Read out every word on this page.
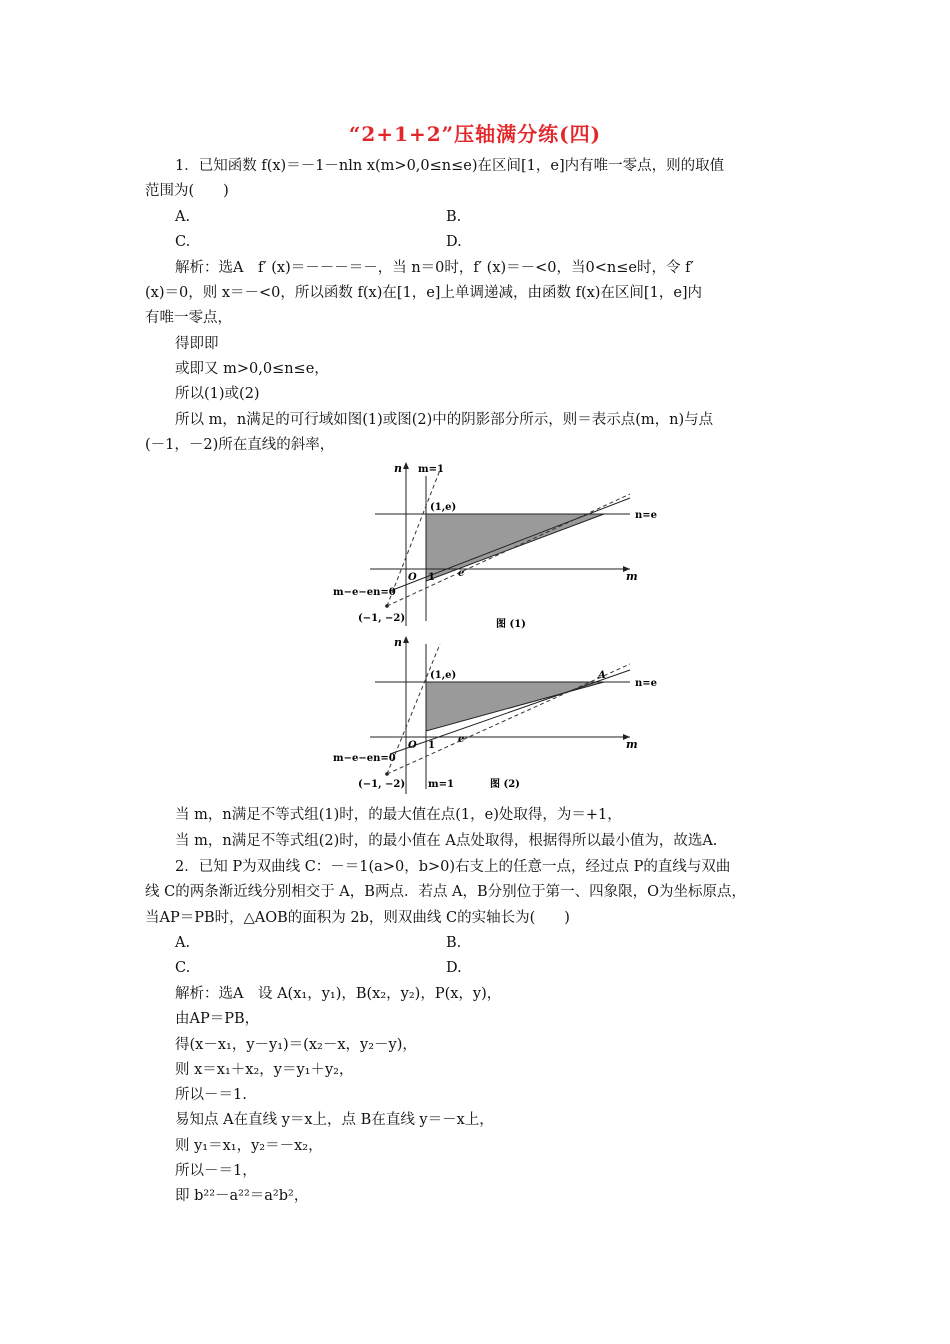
“2+1+2”压轴满分练(四)
1．已知函数 f(x)＝－1－nln x(m>0,0≤n≤e)在区间[1，e]内有唯一零点，则的取值
范围为(　　)
A.	B.
C.	D.
解析：选A　f′ (x)＝－－－＝－，当 n＝0时，f′ (x)＝－<0，当0<n≤e时，令 f′
(x)＝0，则 x＝－<0，所以函数 f(x)在[1，e]上单调递减，由函数 f(x)在区间[1，e]内
有唯一零点，
得即即
或即又 m>0,0≤n≤e，
所以(1)或(2)
所以 m，n满足的可行域如图(1)或图(2)中的阴影部分所示，则＝表示点(m，n)与点
(－1，－2)所在直线的斜率，
n m=1
(1,e)
n=e
m
O 1 e
m−e−en=0
(−1, −2)
图 (1)
n
(1,e)	A
n=e
m
O 1
e
m−e−en=0
(−1, −2) m=1	图 (2)
当 m，n满足不等式组(1)时，的最大值在点(1，e)处取得，为＝+1，
当 m，n满足不等式组(2)时，的最小值在 A点处取得，根据得所以最小值为，故选A.
2．已知 P为双曲线 C：－＝1(a>0，b>0)右支上的任意一点，经过点 P的直线与双曲
线 C的两条渐近线分别相交于 A，B两点．若点 A，B分别位于第一、四象限，O为坐标原点，
当AP＝PB时，△AOB的面积为 2b，则双曲线 C的实轴长为(　　)
A.	B.
C.	D.
解析：选A　设 A(x₁，y₁)，B(x₂，y₂)，P(x，y)，
由AP＝PB，
得(x－x₁，y－y₁)＝(x₂－x，y₂－y)，
则 x＝x₁＋x₂，y＝y₁＋y₂，
所以－＝1.
易知点 A在直线 y＝x上，点 B在直线 y＝－x上，
则 y₁＝x₁，y₂＝－x₂，
所以－＝1，
即 b²²－a²²＝a²b²，
